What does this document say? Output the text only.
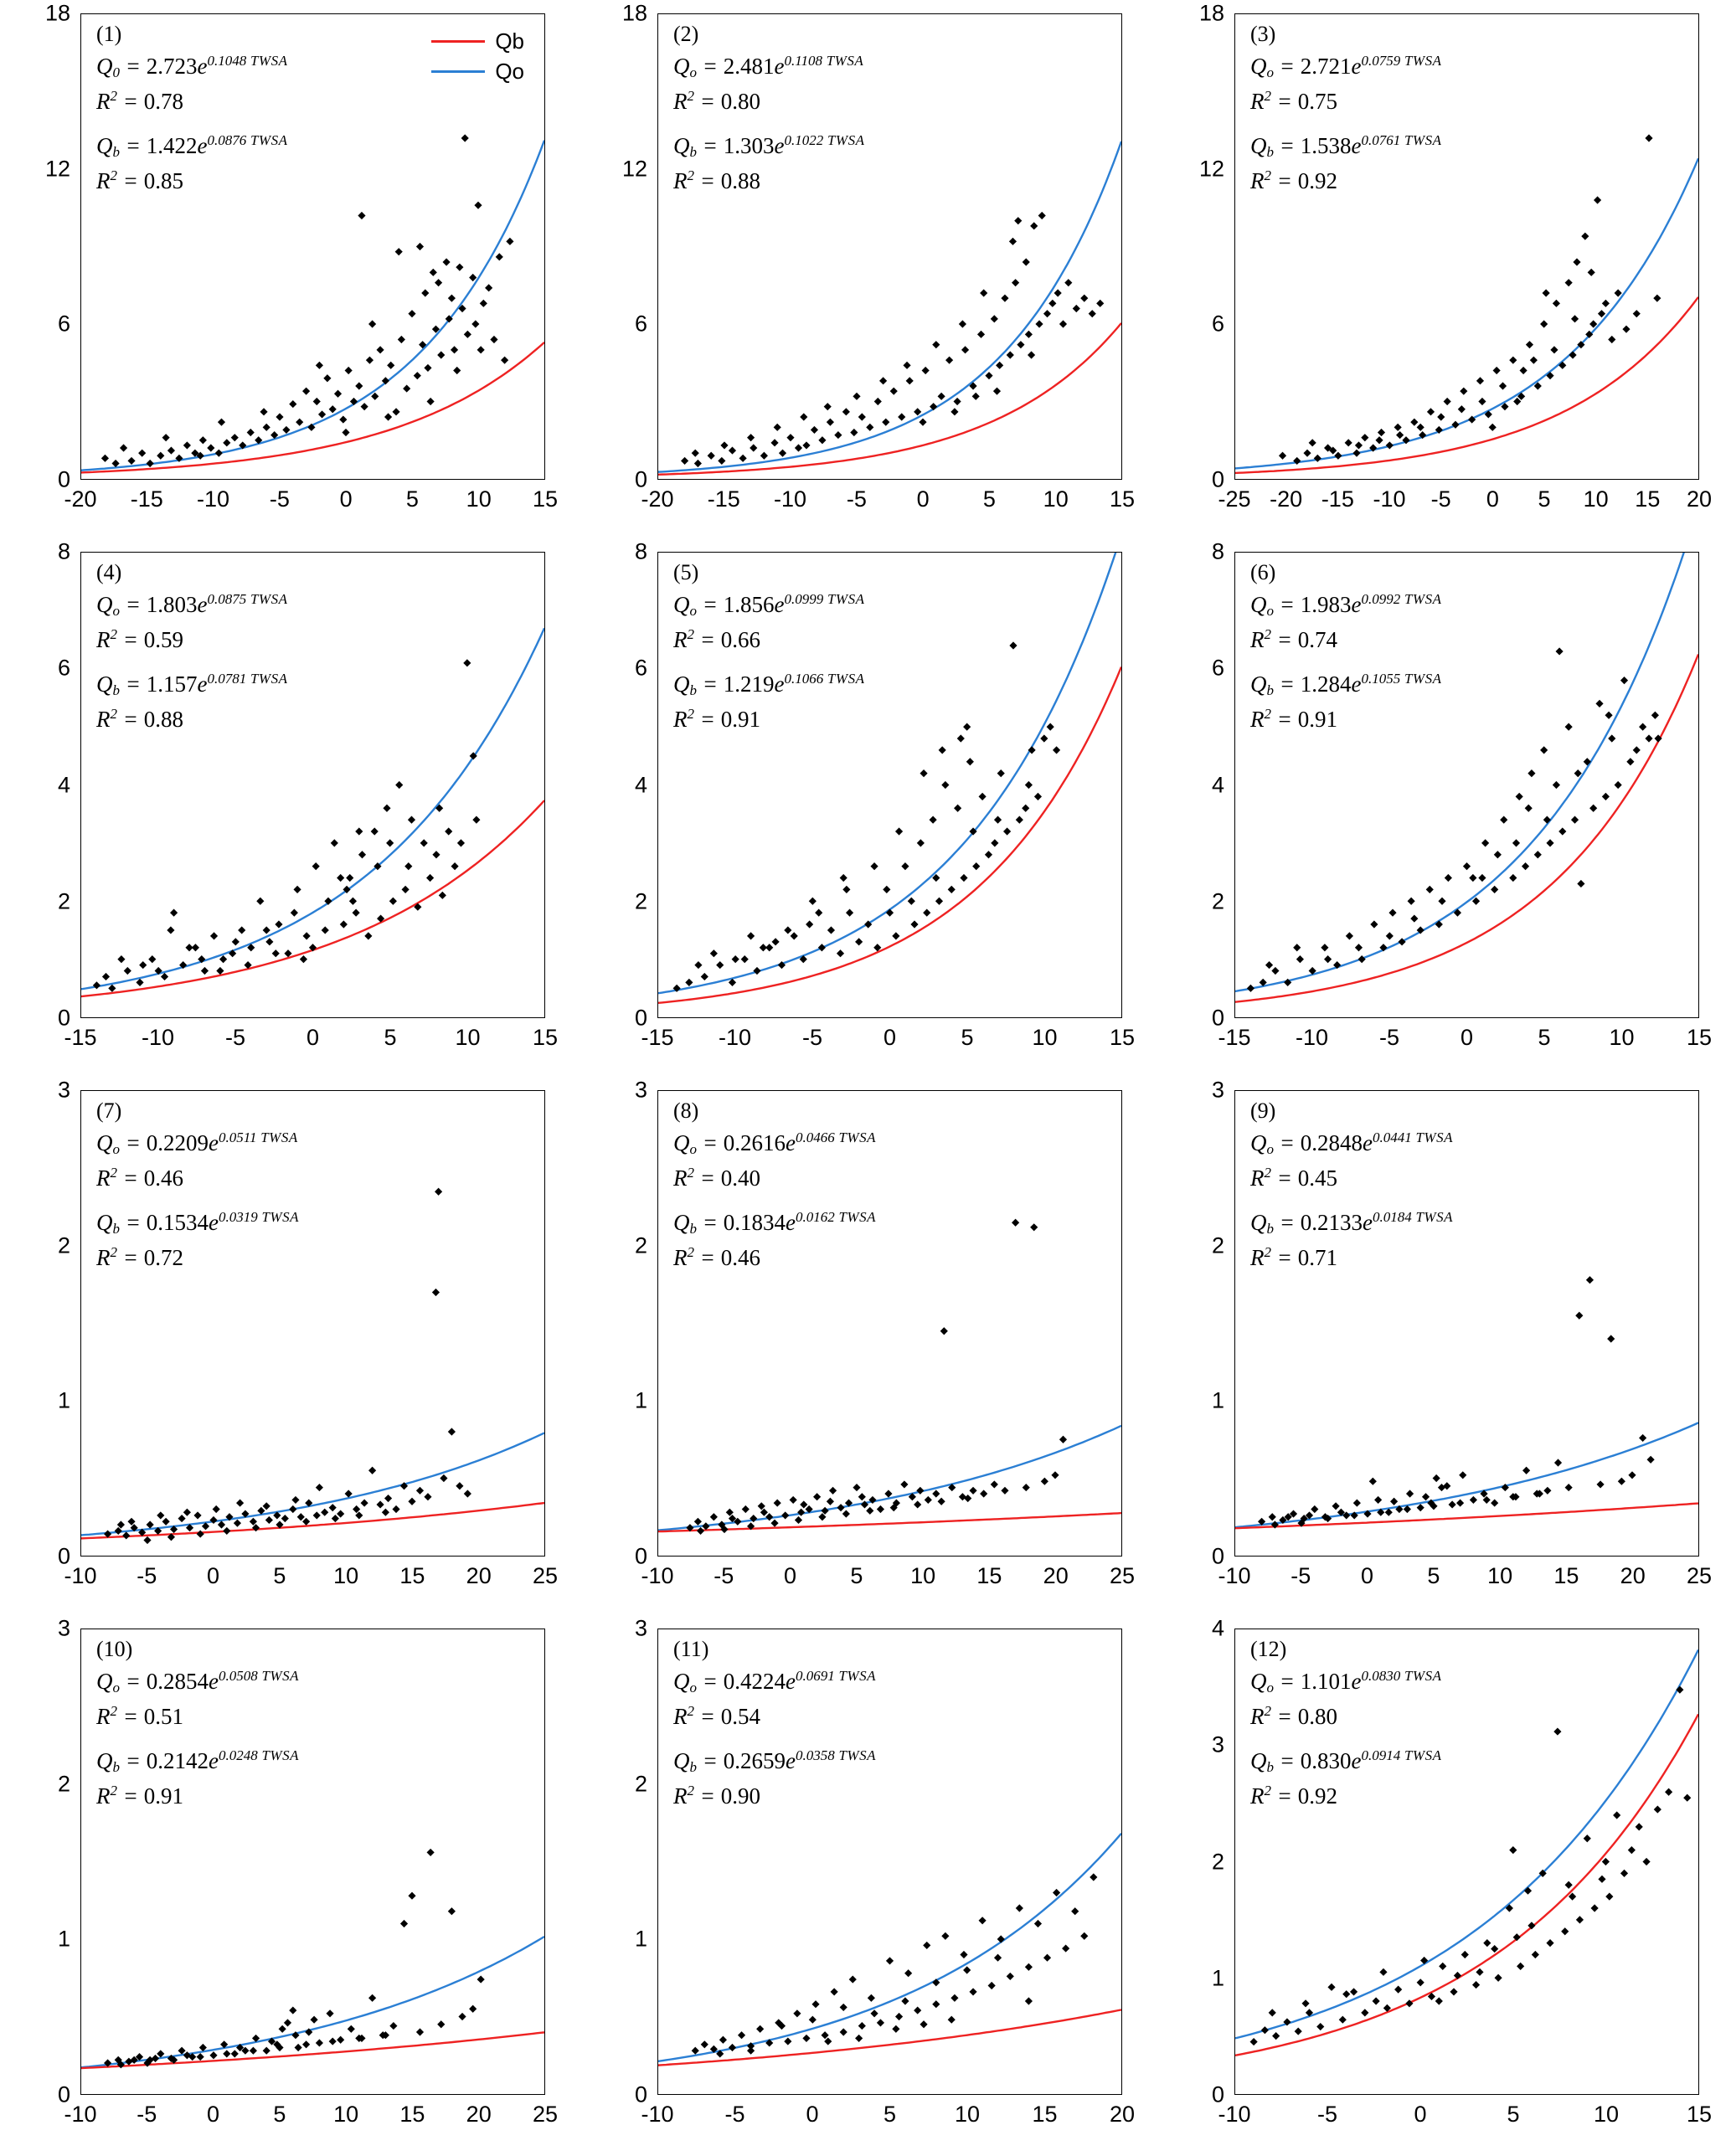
0
6
12
18
(1)
$Q_0 = 2.723e^{0.1048 TWSA}$
$R^2 = 0.78$
$Q_b = 1.422e^{0.0876 TWSA}$
$R^2 = 0.85$
Qb
Qo
-20 -15 -10 -5 0 5 10 15
0
6
12
18
(2)
$Q_o = 2.481e^{0.1108 TWSA}$
$R^2 = 0.80$
$Q_b = 1.303e^{0.1022 TWSA}$
$R^2 = 0.88$
-20 -15 -10 -5 0 5 10 15
0
6
12
18
(3)
$Q_o = 2.721e^{0.0759 TWSA}$
$R^2 = 0.75$
$Q_b = 1.538e^{0.0761 TWSA}$
$R^2 = 0.92$
-25 -20 -15 -10 -5 0 5 10 15 20
0
2
4
6
8
(4)
$Q_o = 1.803e^{0.0875 TWSA}$
$R^2 = 0.59$
$Q_b = 1.157e^{0.0781 TWSA}$
$R^2 = 0.88$
-15 -10 -5	0	5	10 15
0
2
4
6
8
(5)
$Q_o = 1.856e^{0.0999 TWSA}$
$R^2 = 0.66$
$Q_b = 1.219e^{0.1066 TWSA}$
$R^2 = 0.91$
-15 -10 -5	0	5	10 15
0
2
4
6
8
(6)
$Q_o = 1.983e^{0.0992 TWSA}$
$R^2 = 0.74$
$Q_b = 1.284e^{0.1055 TWSA}$
$R^2 = 0.91$
-15 -10 -5	0	5	10 15
0
1
2
3
(7)
$Q_o = 0.2209e^{0.0511 TWSA}$
$R^2 = 0.46$
$Q_b = 0.1534e^{0.0319 TWSA}$
$R^2 = 0.72$
-10 -5 0 5 10 15 20 25
0
1
2
3
(8)
$Q_o = 0.2616e^{0.0466 TWSA}$
$R^2 = 0.40$
$Q_b = 0.1834e^{0.0162 TWSA}$
$R^2 = 0.46$
-10 -5 0 5 10 15 20 25
0
1
2
3
(9)
$Q_o = 0.2848e^{0.0441 TWSA}$
$R^2 = 0.45$
$Q_b = 0.2133e^{0.0184 TWSA}$
$R^2 = 0.71$
-10 -5 0 5 10 15 20 25
0
1
2
3
(10)
$Q_o = 0.2854e^{0.0508 TWSA}$
$R^2 = 0.51$
$Q_b = 0.2142e^{0.0248 TWSA}$
$R^2 = 0.91$
-10 -5 0 5 10 15 20 25
0
1
2
3
(11)
$Q_o = 0.4224e^{0.0691 TWSA}$
$R^2 = 0.54$
$Q_b = 0.2659e^{0.0358 TWSA}$
$R^2 = 0.90$
-10 -5	0	5	10 15 20
0
1
2
3
4
(12)
$Q_o = 1.101e^{0.0830 TWSA}$
$R^2 = 0.80$
$Q_b = 0.830e^{0.0914 TWSA}$
$R^2 = 0.92$
-10	-5	0	5	10	15
